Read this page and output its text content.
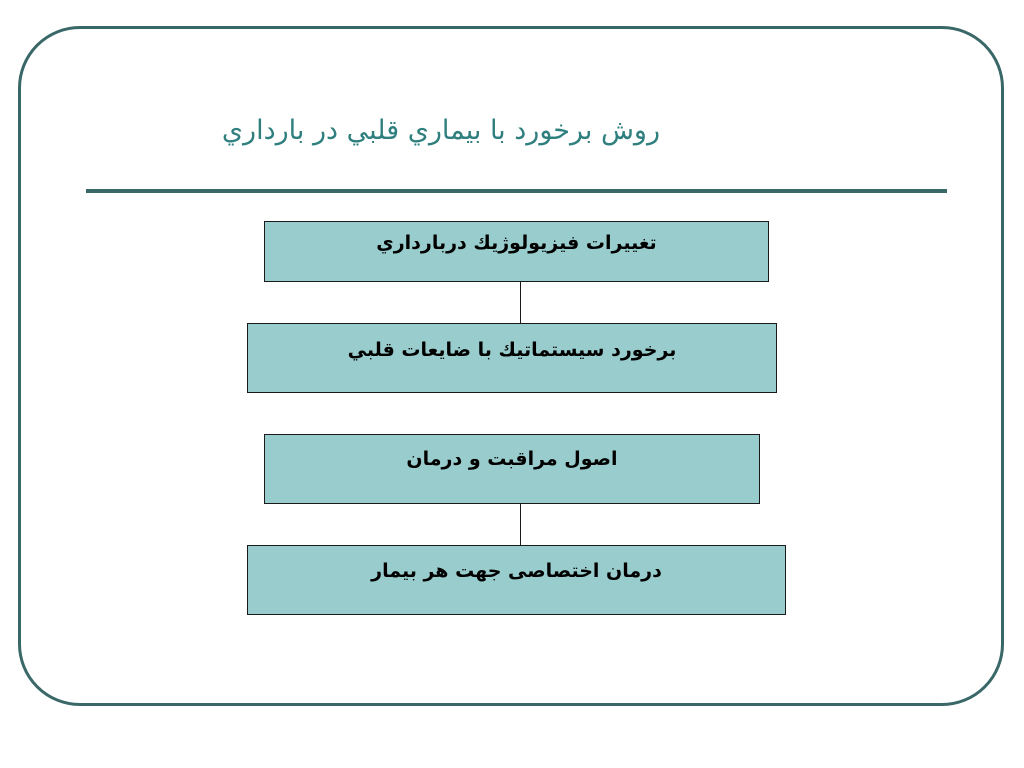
روش برخورد با بيماري قلبي در بارداري
تغييرات فيزيولوژيك دربارداري
برخورد سيستماتيك با ضايعات قلبي
اصول مراقبت و درمان
درمان اختصاصی جهت هر بيمار
